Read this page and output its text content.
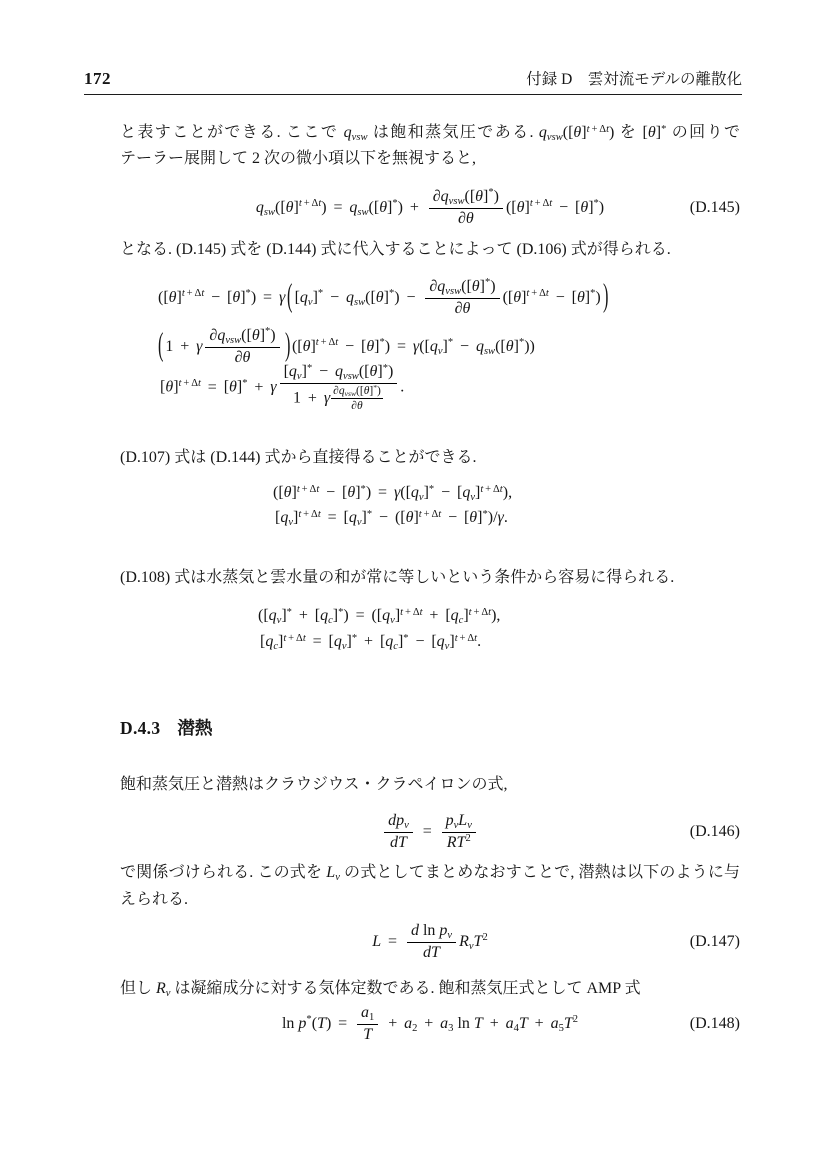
172	付録 D　雲対流モデルの離散化
と表すことができる. ここで $q_{vsw}$ は飽和蒸気圧である. $q_{vsw}([\theta]^{t + \Delta t})$ を [θ]* の回りで
テーラー展開して 2 次の微小項以下を無視すると,
$q_{sw}([\theta]^{t + \Delta t}) = q_{sw}([\theta]^*)$ +
$\partial q_{vsw}([\theta]^*)$
∂θ
$([\theta]^{t + \Delta t} - [\theta]^*)$	(D.145)
となる. (D.145) 式を (D.144) 式に代入することによって (D.106) 式が得られる.
$([\theta]^{t + \Delta t} - [\theta]^*) = \gamma$ ( $[q_v]^* - q_{sw}([\theta]^*)$ −
$\partial q_{vsw}([\theta]^*)$
∂θ
$([\theta]^{t + \Delta t} - [\theta]^*)$ )
( 1 + γ
$\partial q_{vsw}([\theta]^*)$
∂θ	) $([\theta]^{t + \Delta t} - [\theta]^*) = \gamma([q_v]^* - q_{sw}([\theta]^*))$
$[\theta]^{t + \Delta t} = [\theta]^* + \gamma$
$[q_v]^* - q_{vsw}([\theta]^*)$
1 + γ $\partial q_{vsw}([\theta]^*)$
∂θ
.
(D.107) 式は (D.144) 式から直接得ることができる.
$([\theta]^{t + \Delta t} - [\theta]^*) = \gamma([q_v]^* - [q_v]^{t + \Delta t})$,
$[q_v]^{t + \Delta t} = [q_v]^* - ([\theta]^{t + \Delta t} - [\theta]^*)/\gamma$.
(D.108) 式は水蒸気と雲水量の和が常に等しいという条件から容易に得られる.
$([q_v]^* + [q_c]^*) = ([q_v]^{t + \Delta t} + [q_c]^{t + \Delta t})$,
$[q_c]^{t + \Delta t} = [q_v]^* + [q_c]^* - [q_v]^{t + \Delta t}$.
D.4.3 潜熱
飽和蒸気圧と潜熱はクラウジウス・クラペイロンの式,
$dp_v$
dT
=
$p_vL_v$
$RT^2$	(D.146)
で関係づけられる. この式を $L_v$ の式としてまとめなおすことで, 潜熱は以下のように与
えられる.
$L = \frac{d \ln p_v}{dT} R_vT^2$	(D.147)
但し $R_v$ は凝縮成分に対する気体定数である. 飽和蒸気圧式として AMP 式
$\ln p^*(T) = \frac{a_1}{T} + a_2 + a_3$ $\ln T + a_4T + a_5T^2$	(D.148)
